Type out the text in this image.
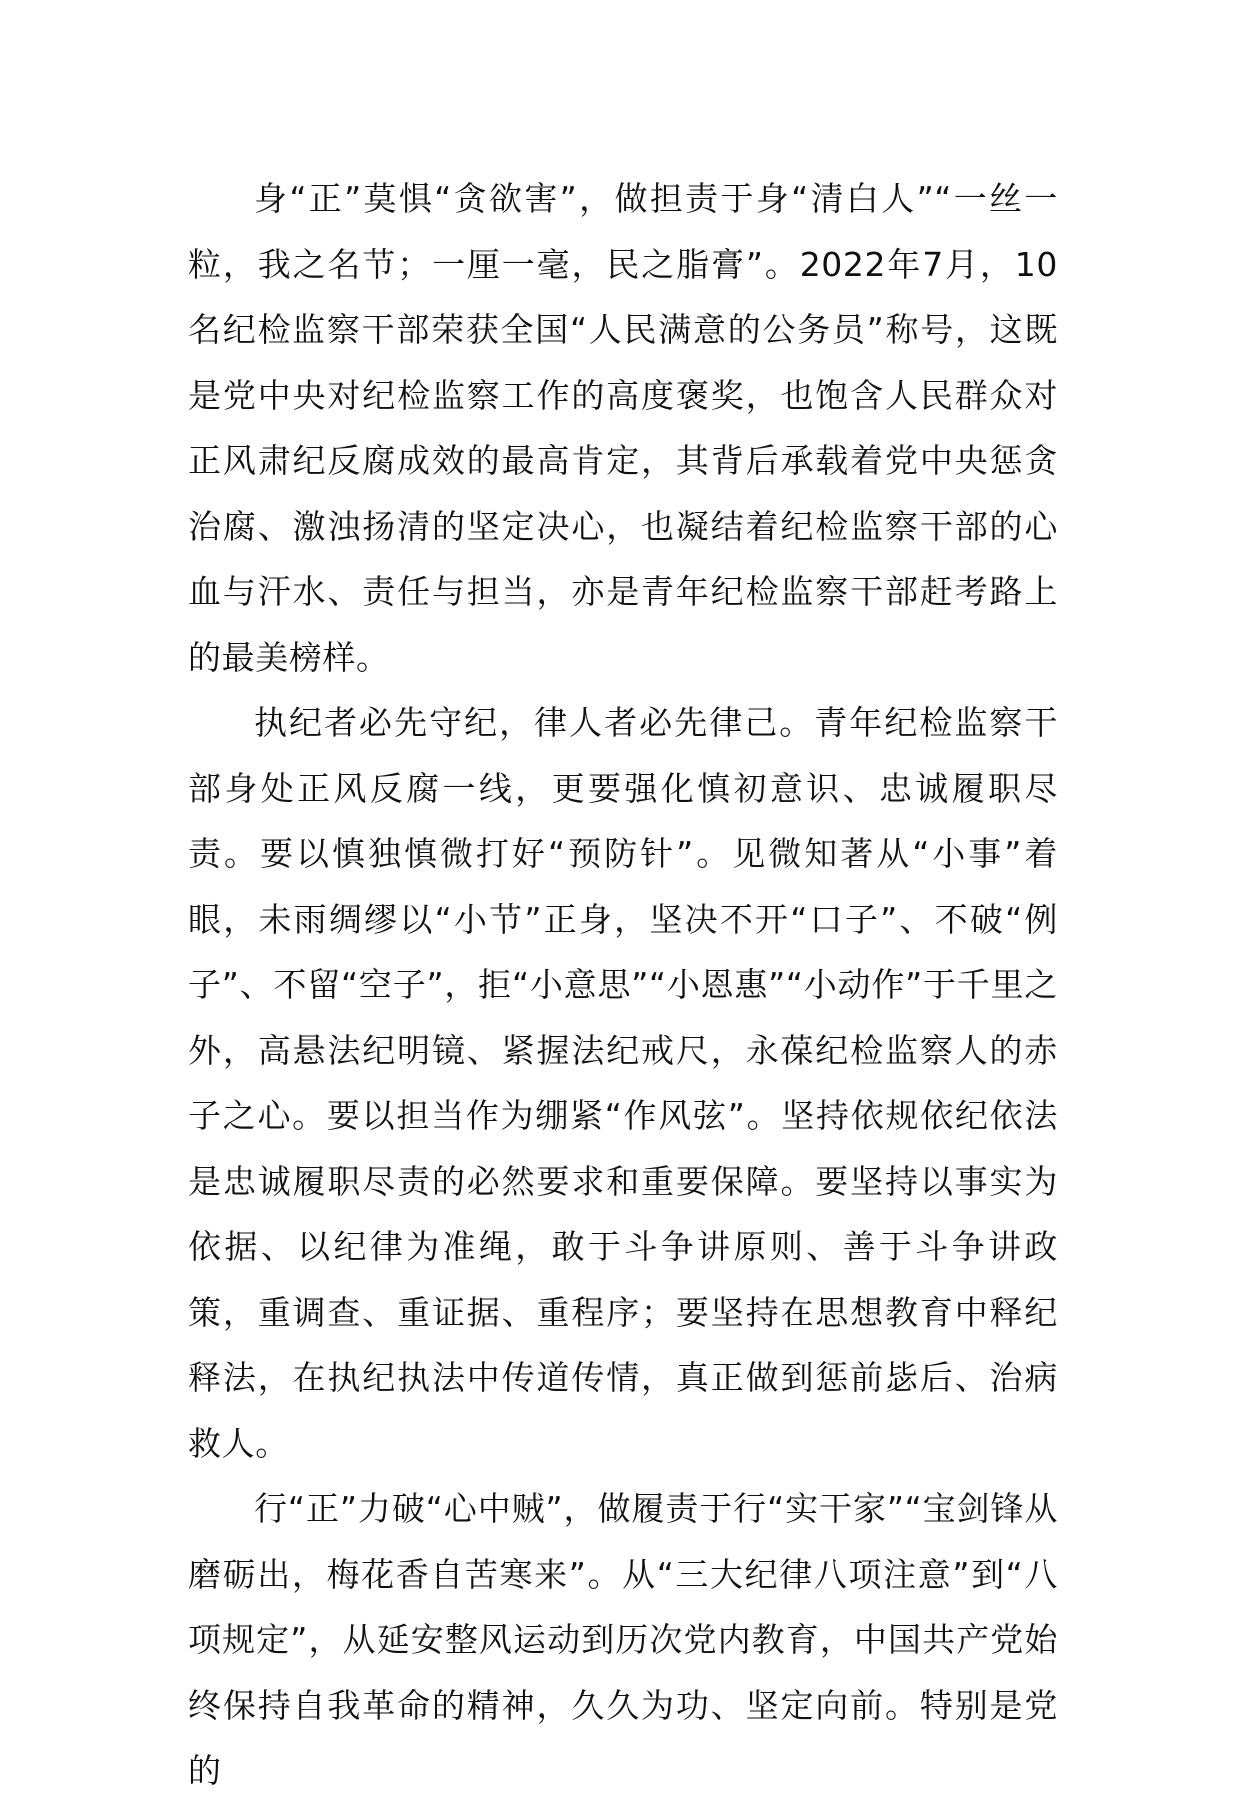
身“正”莫惧“贪欲害”，做担责于身“清白人”“一丝一粒，我之名节；一厘一毫，民之脂膏”。2022年7月，10名纪检监察干部荣获全国“人民满意的公务员”称号，这既是党中央对纪检监察工作的高度褒奖，也饱含人民群众对正风肃纪反腐成效的最高肯定，其背后承载着党中央惩贪治腐、激浊扬清的坚定决心，也凝结着纪检监察干部的心血与汗水、责任与担当，亦是青年纪检监察干部赶考路上的最美榜样。

执纪者必先守纪，律人者必先律己。青年纪检监察干部身处正风反腐一线，更要强化慎初意识、忠诚履职尽责。要以慎独慎微打好“预防针”。见微知著从“小事”着眼，未雨绸缪以“小节”正身，坚决不开“口子”、不破“例子”、不留“空子”，拒“小意思”“小恩惠”“小动作”于千里之外，高悬法纪明镜、紧握法纪戒尺，永葆纪检监察人的赤子之心。要以担当作为绷紧“作风弦”。坚持依规依纪依法是忠诚履职尽责的必然要求和重要保障。要坚持以事实为依据、以纪律为准绳，敢于斗争讲原则、善于斗争讲政策，重调查、重证据、重程序；要坚持在思想教育中释纪释法，在执纪执法中传道传情，真正做到惩前毖后、治病救人。

行“正”力破“心中贼”，做履责于行“实干家”“宝剑锋从磨砺出，梅花香自苦寒来”。从“三大纪律八项注意”到“八项规定”，从延安整风运动到历次党内教育，中国共产党始终保持自我革命的精神，久久为功、坚定向前。特别是党的
